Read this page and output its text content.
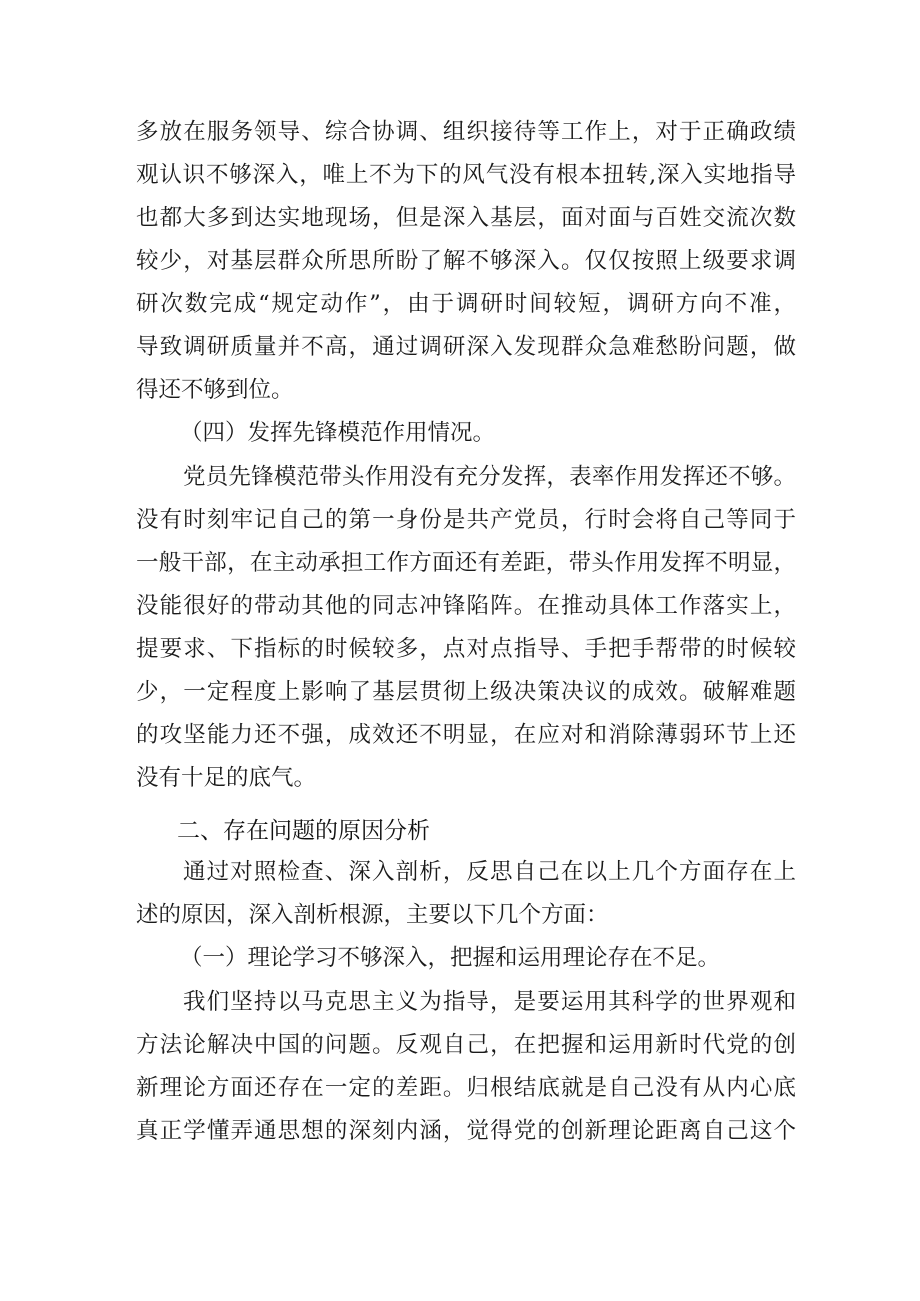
多放在服务领导、综合协调、组织接待等工作上，对于正确政绩
观认识不够深入，唯上不为下的风气没有根本扭转,深入实地指导
也都大多到达实地现场，但是深入基层，面对面与百姓交流次数
较少，对基层群众所思所盼了解不够深入。仅仅按照上级要求调
研次数完成“规定动作”，由于调研时间较短，调研方向不准，
导致调研质量并不高，通过调研深入发现群众急难愁盼问题，做
得还不够到位。
（四）发挥先锋模范作用情况。
党员先锋模范带头作用没有充分发挥，表率作用发挥还不够。
没有时刻牢记自己的第一身份是共产党员，行时会将自己等同于
一般干部，在主动承担工作方面还有差距，带头作用发挥不明显，
没能很好的带动其他的同志冲锋陷阵。在推动具体工作落实上，
提要求、下指标的时候较多，点对点指导、手把手帮带的时候较
少，一定程度上影响了基层贯彻上级决策决议的成效。破解难题
的攻坚能力还不强，成效还不明显，在应对和消除薄弱环节上还
没有十足的底气。
二、存在问题的原因分析
通过对照检查、深入剖析，反思自己在以上几个方面存在上
述的原因，深入剖析根源，主要以下几个方面：
（一）理论学习不够深入，把握和运用理论存在不足。
我们坚持以马克思主义为指导，是要运用其科学的世界观和
方法论解决中国的问题。反观自己，在把握和运用新时代党的创
新理论方面还存在一定的差距。归根结底就是自己没有从内心底
真正学懂弄通思想的深刻内涵，觉得党的创新理论距离自己这个
